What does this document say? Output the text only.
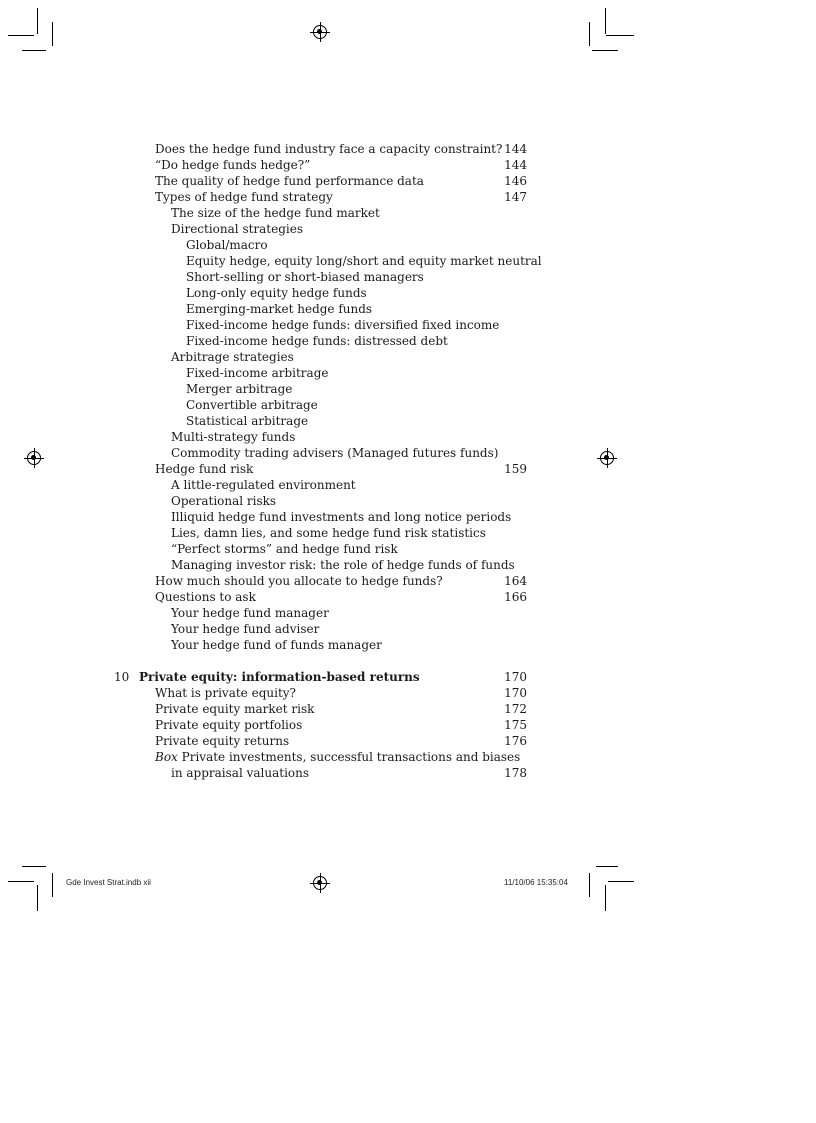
Does the hedge fund industry face a capacity constraint? 144
“Do hedge funds hedge?”	144
The quality of hedge fund performance data	146
Types of hedge fund strategy	147
The size of the hedge fund market
Directional strategies
Global/macro
Equity hedge, equity long/short and equity market neutral
Short-selling or short-biased managers
Long-only equity hedge funds
Emerging-market hedge funds
Fixed-income hedge funds: diversified fixed income
Fixed-income hedge funds: distressed debt
Arbitrage strategies
Fixed-income arbitrage
Merger arbitrage
Convertible arbitrage
Statistical arbitrage
Multi-strategy funds
Commodity trading advisers (Managed futures funds)
Hedge fund risk	159
A little-regulated environment
Operational risks
Illiquid hedge fund investments and long notice periods
Lies, damn lies, and some hedge fund risk statistics
“Perfect storms” and hedge fund risk
Managing investor risk: the role of hedge funds of funds
How much should you allocate to hedge funds?	164
Questions to ask	166
Your hedge fund manager
Your hedge fund adviser
Your hedge fund of funds manager
10 Private equity: information-based returns	170
What is private equity?	170
Private equity market risk	172
Private equity portfolios	175
Private equity returns	176
Box Private investments, successful transactions and biases
in appraisal valuations	178
Gde Invest Strat.indb xii	11/10/06 15:35:04
